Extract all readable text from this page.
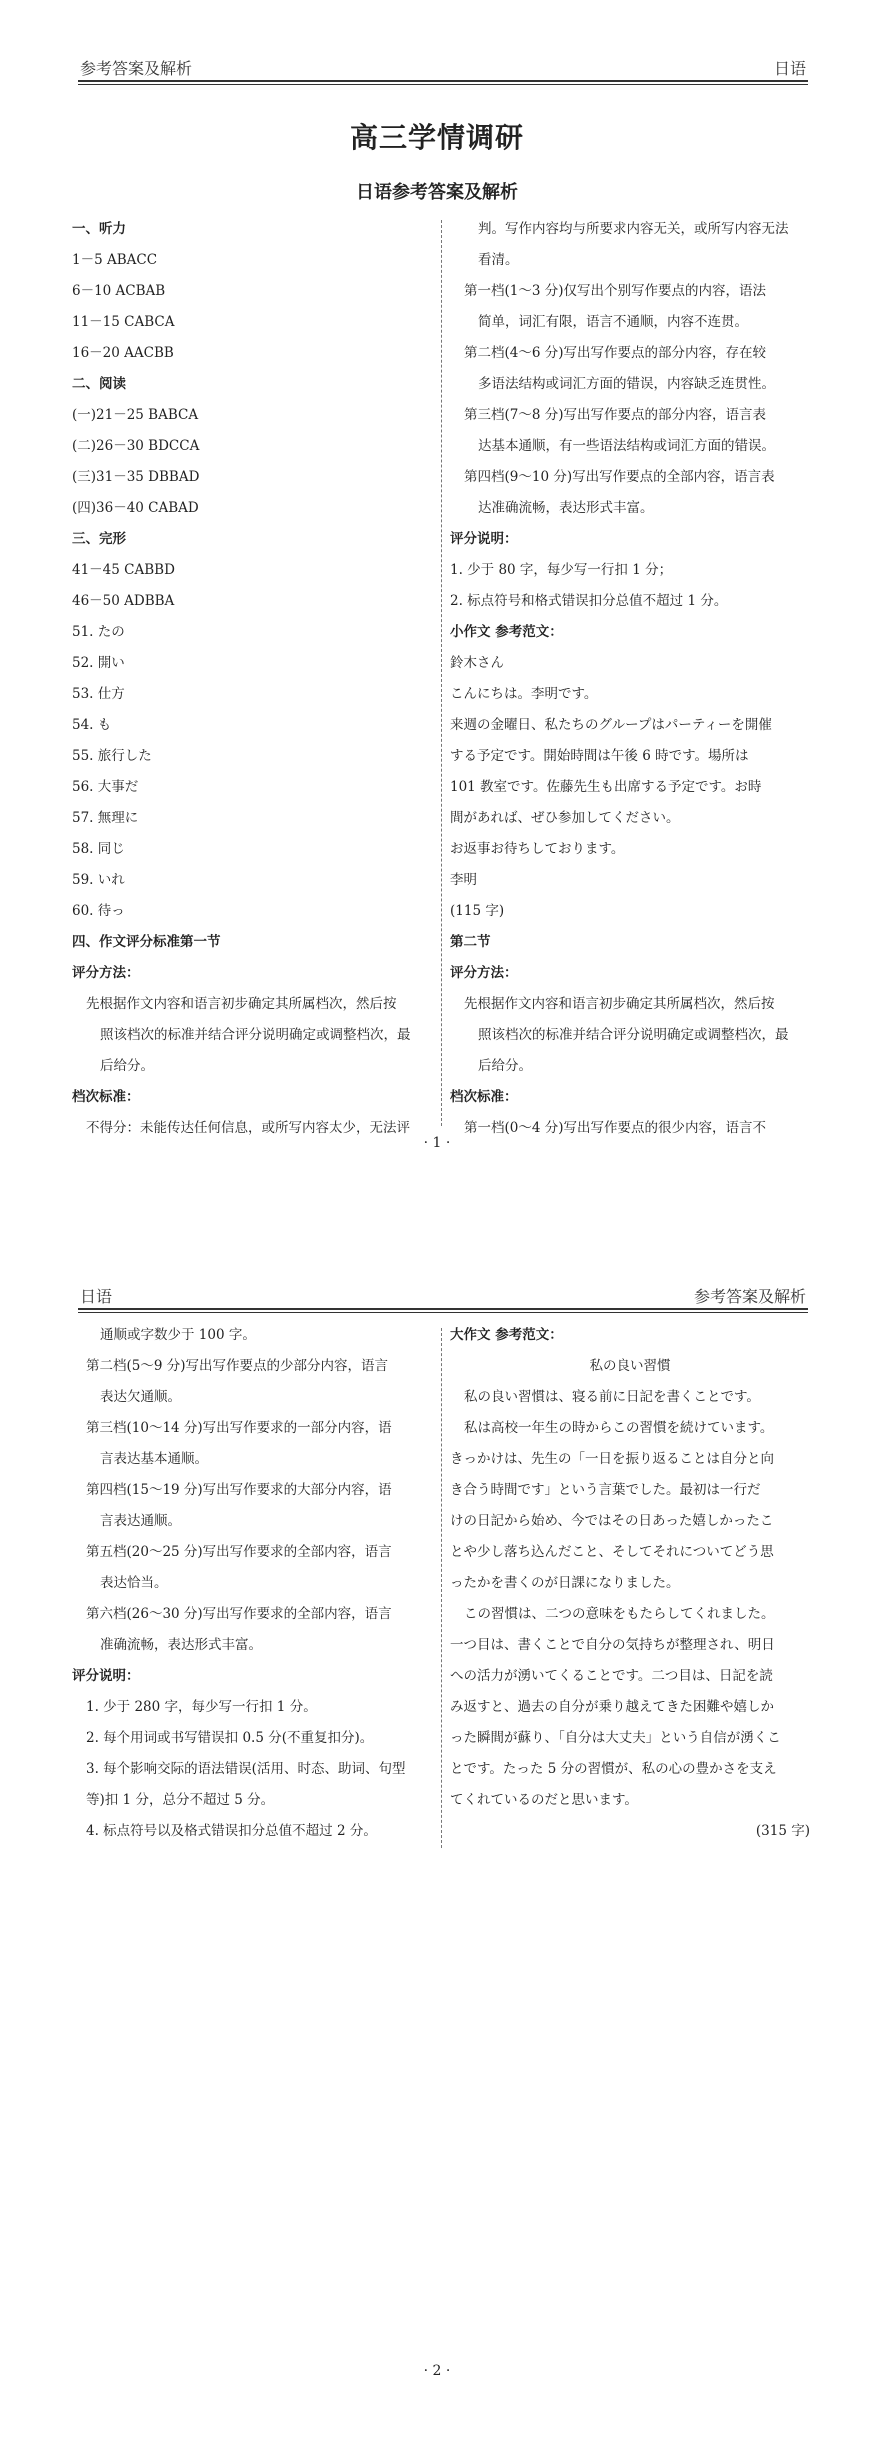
参考答案及解析	日语
高三学情调研
日语参考答案及解析

一、听力

1－5 ABACC

6－10 ACBAB

11－15 CABCA

16－20 AACBB

二、阅读

(一)21－25 BABCA

(二)26－30 BDCCA

(三)31－35 DBBAD

(四)36－40 CABAD

三、完形

41－45 CABBD

46－50 ADBBA

51. たの

52. 開い

53. 仕方

54. も

55. 旅行した

56. 大事だ

57. 無理に

58. 同じ

59. いれ

60. 待っ

四、作文评分标准第一节

评分方法：

先根据作文内容和语言初步确定其所属档次，然后按

照该档次的标准并结合评分说明确定或调整档次，最

后给分。

档次标准：

不得分：未能传达任何信息，或所写内容太少，无法评

判。写作内容均与所要求内容无关，或所写内容无法

看清。

第一档(1～3 分)仅写出个别写作要点的内容，语法

简单，词汇有限，语言不通顺，内容不连贯。

第二档(4～6 分)写出写作要点的部分内容，存在较

多语法结构或词汇方面的错误，内容缺乏连贯性。

第三档(7～8 分)写出写作要点的部分内容，语言表

达基本通顺，有一些语法结构或词汇方面的错误。

第四档(9～10 分)写出写作要点的全部内容，语言表

达准确流畅，表达形式丰富。

评分说明：

1. 少于 80 字，每少写一行扣 1 分；

2. 标点符号和格式错误扣分总值不超过 1 分。

小作文 参考范文：

鈴木さん

こんにちは。李明です。

来週の金曜日、私たちのグループはパーティーを開催

する予定です。開始時間は午後 6 時です。場所は

101 教室です。佐藤先生も出席する予定です。お時

間があれば、ぜひ参加してください。

お返事お待ちしております。

李明

(115 字)

第二节

评分方法：

先根据作文内容和语言初步确定其所属档次，然后按

照该档次的标准并结合评分说明确定或调整档次，最

后给分。

档次标准：

第一档(0～4 分)写出写作要点的很少内容，语言不

· 1 ·
日语	参考答案及解析

通顺或字数少于 100 字。

第二档(5～9 分)写出写作要点的少部分内容，语言

表达欠通顺。

第三档(10～14 分)写出写作要求的一部分内容，语

言表达基本通顺。

第四档(15～19 分)写出写作要求的大部分内容，语

言表达通顺。

第五档(20～25 分)写出写作要求的全部内容，语言

表达恰当。

第六档(26～30 分)写出写作要求的全部内容，语言

准确流畅，表达形式丰富。

评分说明：

1. 少于 280 字，每少写一行扣 1 分。

2. 每个用词或书写错误扣 0.5 分(不重复扣分)。

3. 每个影响交际的语法错误(活用、时态、助词、句型

等)扣 1 分，总分不超过 5 分。

4. 标点符号以及格式错误扣分总值不超过 2 分。

大作文 参考范文：

私の良い習慣

私の良い習慣は、寝る前に日記を書くことです。

私は高校一年生の時からこの習慣を続けています。

きっかけは、先生の「一日を振り返ることは自分と向

き合う時間です」という言葉でした。最初は一行だ

けの日記から始め、今ではその日あった嬉しかったこ

とや少し落ち込んだこと、そしてそれについてどう思

ったかを書くのが日課になりました。

この習慣は、二つの意味をもたらしてくれました。

一つ目は、書くことで自分の気持ちが整理され、明日

への活力が湧いてくることです。二つ目は、日記を読

み返すと、過去の自分が乗り越えてきた困難や嬉しか

った瞬間が蘇り、「自分は大丈夫」という自信が湧くこ

とです。たった 5 分の習慣が、私の心の豊かさを支え

てくれているのだと思います。

(315 字)

· 2 ·
